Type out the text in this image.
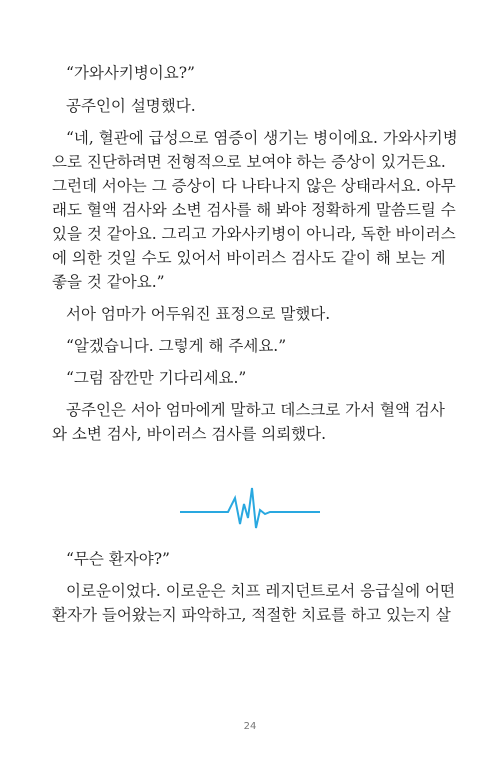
“가와사키병이요?”
공주인이 설명했다.
“네, 혈관에 급성으로 염증이 생기는 병이에요. 가와사키병
으로 진단하려면 전형적으로 보여야 하는 증상이 있거든요.
그런데 서아는 그 증상이 다 나타나지 않은 상태라서요. 아무
래도 혈액 검사와 소변 검사를 해 봐야 정확하게 말씀드릴 수
있을 것 같아요. 그리고 가와사키병이 아니라, 독한 바이러스
에 의한 것일 수도 있어서 바이러스 검사도 같이 해 보는 게
좋을 것 같아요.”
서아 엄마가 어두워진 표정으로 말했다.
“알겠습니다. 그렇게 해 주세요.”
“그럼 잠깐만 기다리세요.”
공주인은 서아 엄마에게 말하고 데스크로 가서 혈액 검사
와 소변 검사, 바이러스 검사를 의뢰했다.
“무슨 환자야?”
이로운이었다. 이로운은 치프 레지던트로서 응급실에 어떤
환자가 들어왔는지 파악하고, 적절한 치료를 하고 있는지 살
24
